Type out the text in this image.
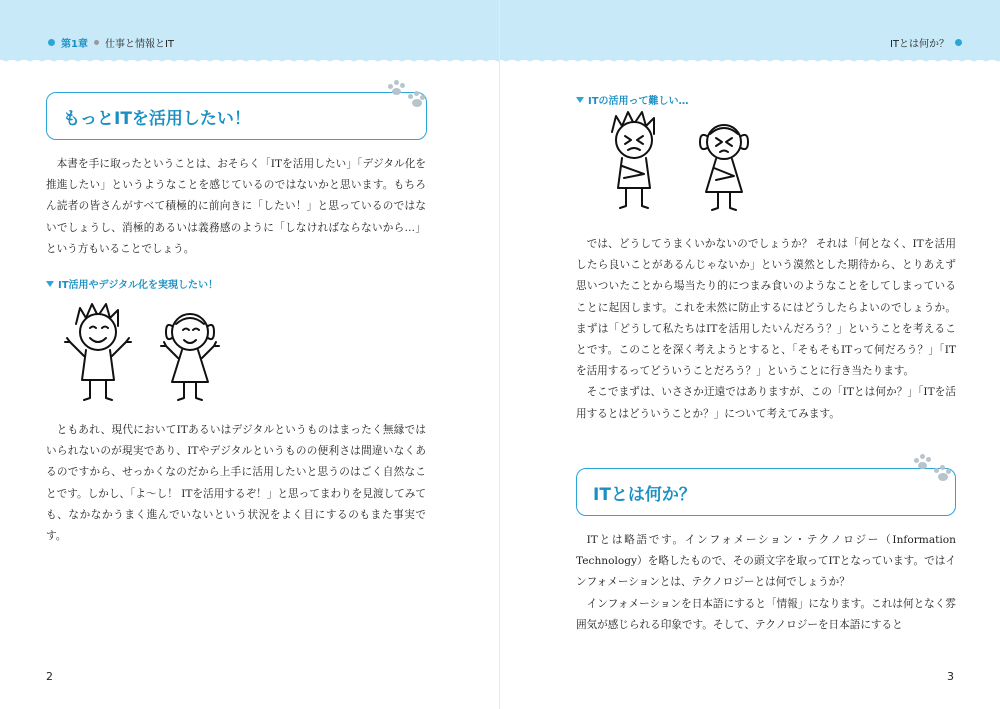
第1章 仕事と情報とIT
もっとITを活用したい！

本書を手に取ったということは、おそらく「ITを活用したい」「デジタル化を推進したい」というようなことを感じているのではないかと思います。もちろん読者の皆さんがすべて積極的に前向きに「したい！」と思っているのではないでしょうし、消極的あるいは義務感のように「しなければならないから…」という方もいることでしょう。

IT活用やデジタル化を実現したい！

ともあれ、現代においてITあるいはデジタルというものはまったく無縁ではいられないのが現実であり、ITやデジタルというものの便利さは間違いなくあるのですから、せっかくなのだから上手に活用したいと思うのはごく自然なことです。しかし、「よ〜し！ ITを活用するぞ！」と思ってまわりを見渡してみても、なかなかうまく進んでいないという状況をよく目にするのもまた事実です。

2
ITとは何か？
ITの活用って難しい…

では、どうしてうまくいかないのでしょうか？ それは「何となく、ITを活用したら良いことがあるんじゃないか」という漠然とした期待から、とりあえず思いついたことから場当たり的につまみ食いのようなことをしてしまっていることに起因します。これを未然に防止するにはどうしたらよいのでしょうか。まずは「どうして私たちはITを活用したいんだろう？」ということを考えることです。このことを深く考えようとすると、「そもそもITって何だろう？」「ITを活用するってどういうことだろう？」ということに行き当たります。

そこでまずは、いささか迂遠ではありますが、この「ITとは何か？」「ITを活用するとはどういうことか？」について考えてみます。

ITとは何か？

ITとは略語です。インフォメーション・テクノロジー（Information Technology）を略したもので、その頭文字を取ってITとなっています。ではインフォメーションとは、テクノロジーとは何でしょうか？

インフォメーションを日本語にすると「情報」になります。これは何となく雰囲気が感じられる印象です。そして、テクノロジーを日本語にすると

3
